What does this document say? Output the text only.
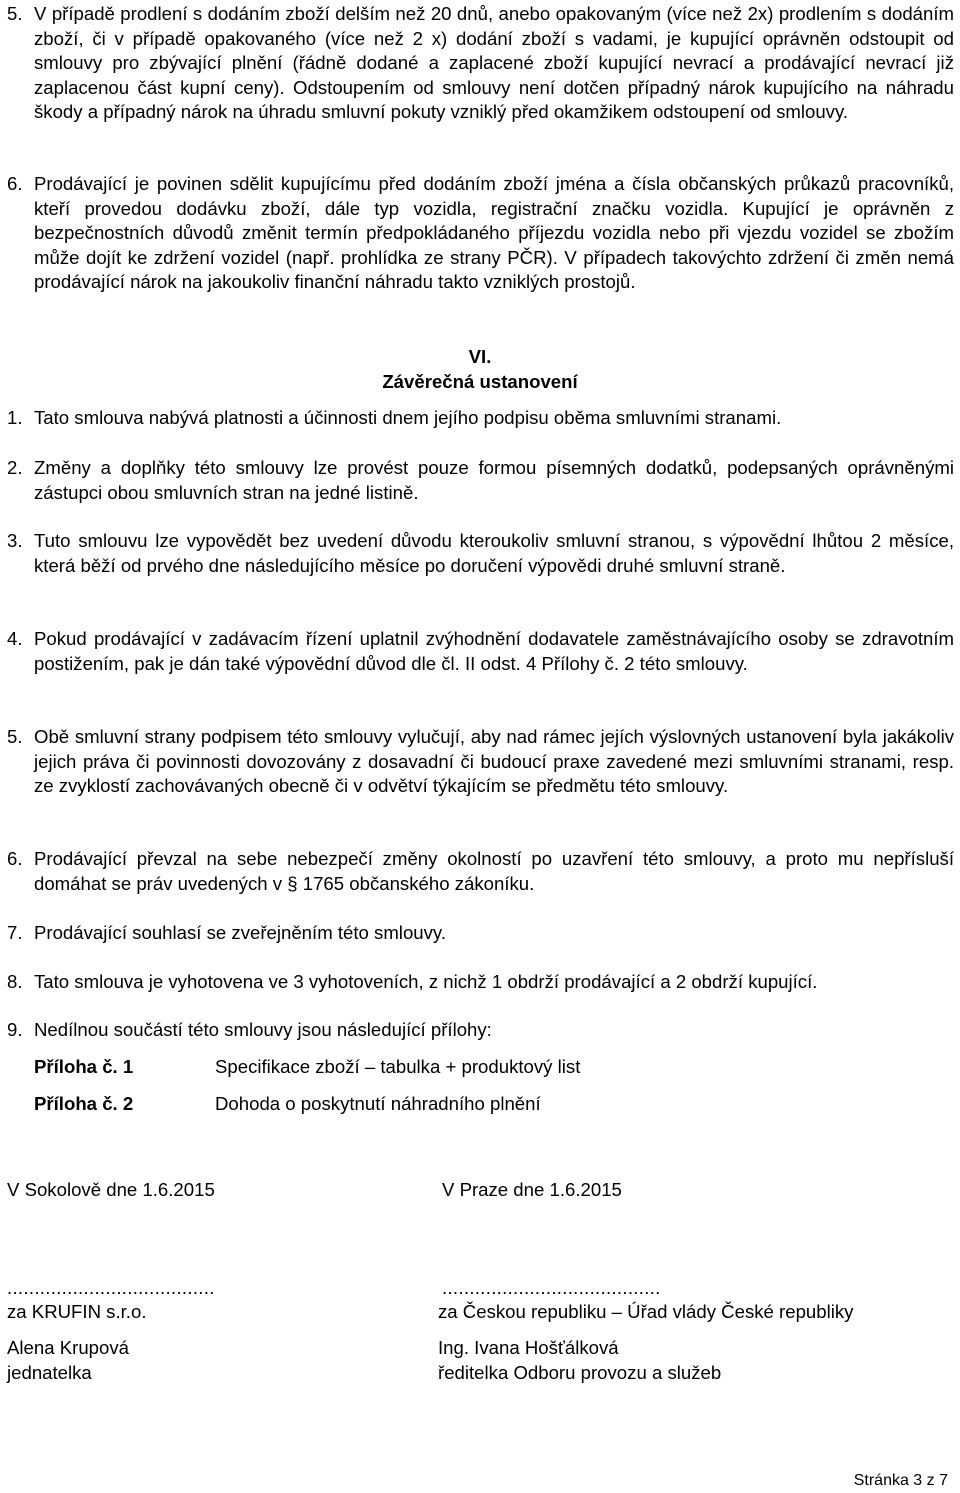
5. V případě prodlení s dodáním zboží delším než 20 dnů, anebo opakovaným (více než 2x) prodlením s dodáním zboží, či v případě opakovaného (více než 2 x) dodání zboží s vadami, je kupující oprávněn odstoupit od smlouvy pro zbývající plnění (řádně dodané a zaplacené zboží kupující nevrací a prodávající nevrací již zaplacenou část kupní ceny). Odstoupením od smlouvy není dotčen případný nárok kupujícího na náhradu škody a případný nárok na úhradu smluvní pokuty vzniklý před okamžikem odstoupení od smlouvy.
6. Prodávající je povinen sdělit kupujícímu před dodáním zboží jména a čísla občanských průkazů pracovníků, kteří provedou dodávku zboží, dále typ vozidla, registrační značku vozidla. Kupující je oprávněn z bezpečnostních důvodů změnit termín předpokládaného příjezdu vozidla nebo při vjezdu vozidel se zbožím může dojít ke zdržení vozidel (např. prohlídka ze strany PČR). V případech takovýchto zdržení či změn nemá prodávající nárok na jakoukoliv finanční náhradu takto vzniklých prostojů.
VI.
Závěrečná ustanovení
1. Tato smlouva nabývá platnosti a účinnosti dnem jejího podpisu oběma smluvními stranami.
2. Změny a doplňky této smlouvy lze provést pouze formou písemných dodatků, podepsaných oprávněnými zástupci obou smluvních stran na jedné listině.
3. Tuto smlouvu lze vypovědět bez uvedení důvodu kteroukoliv smluvní stranou, s výpovědní lhůtou 2 měsíce, která běží od prvého dne následujícího měsíce po doručení výpovědi druhé smluvní straně.
4. Pokud prodávající v zadávacím řízení uplatnil zvýhodnění dodavatele zaměstnávajícího osoby se zdravotním postižením, pak je dán také výpovědní důvod dle čl. II odst. 4 Přílohy č. 2 této smlouvy.
5. Obě smluvní strany podpisem této smlouvy vylučují, aby nad rámec jejích výslovných ustanovení byla jakákoliv jejich práva či povinnosti dovozovány z dosavadní či budoucí praxe zavedené mezi smluvními stranami, resp. ze zvyklostí zachovávaných obecně či v odvětví týkajícím se předmětu této smlouvy.
6. Prodávající převzal na sebe nebezpečí změny okolností po uzavření této smlouvy, a proto mu nepřísluší domáhat se práv uvedených v § 1765 občanského zákoníku.
7. Prodávající souhlasí se zveřejněním této smlouvy.
8. Tato smlouva je vyhotovena ve 3 vyhotoveních, z nichž 1 obdrží prodávající a 2 obdrží kupující.
9. Nedílnou součástí této smlouvy jsou následující přílohy:
Příloha č. 1	Specifikace zboží – tabulka + produktový list
Příloha č. 2	Dohoda o poskytnutí náhradního plnění
V Sokolově dne 1.6.2015
......................................
za KRUFIN s.r.o.
Alena Krupová
jednatelka
V Praze dne 1.6.2015
........................................
za Českou republiku – Úřad vlády České republiky
Ing. Ivana Hošťálková
ředitelka Odboru provozu a služeb
Stránka 3 z 7
